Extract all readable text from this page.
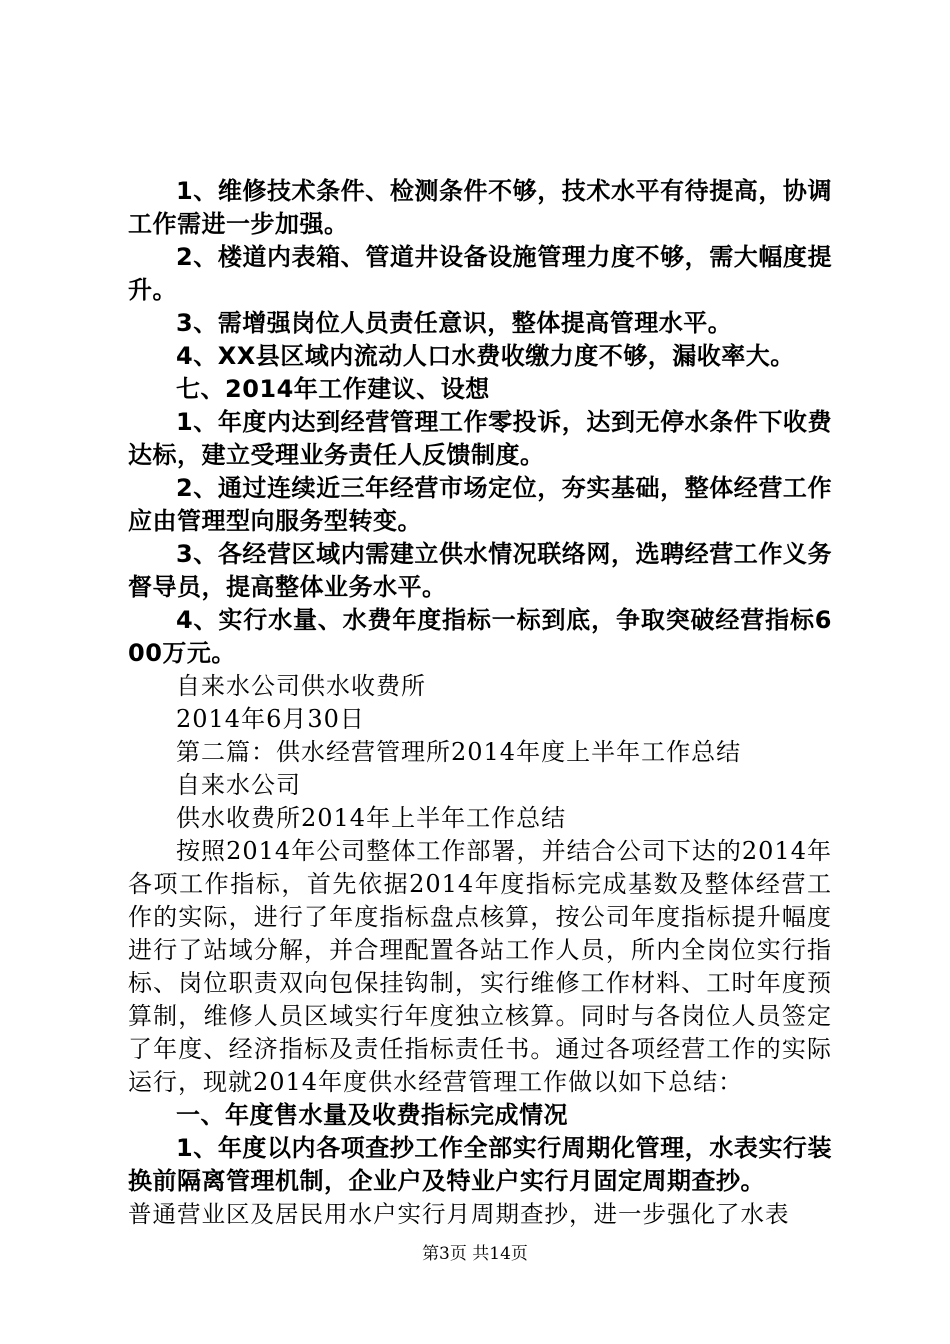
1、维修技术条件、检测条件不够，技术水平有待提高，协调工作需进一步加强。

2、楼道内表箱、管道井设备设施管理力度不够，需大幅度提升。

3、需增强岗位人员责任意识，整体提高管理水平。

4、XX县区域内流动人口水费收缴力度不够，漏收率大。

七、2014年工作建议、设想

1、年度内达到经营管理工作零投诉，达到无停水条件下收费达标，建立受理业务责任人反馈制度。

2、通过连续近三年经营市场定位，夯实基础，整体经营工作应由管理型向服务型转变。

3、各经营区域内需建立供水情况联络网，选聘经营工作义务督导员，提高整体业务水平。

4、实行水量、水费年度指标一标到底，争取突破经营指标600万元。

自来水公司供水收费所

2014年6月30日

第二篇：供水经营管理所2014年度上半年工作总结

自来水公司

供水收费所2014年上半年工作总结

按照2014年公司整体工作部署，并结合公司下达的2014年各项工作指标，首先依据2014年度指标完成基数及整体经营工作的实际，进行了年度指标盘点核算，按公司年度指标提升幅度进行了站域分解，并合理配置各站工作人员，所内全岗位实行指标、岗位职责双向包保挂钩制，实行维修工作材料、工时年度预算制，维修人员区域实行年度独立核算。同时与各岗位人员签定了年度、经济指标及责任指标责任书。通过各项经营工作的实际运行，现就2014年度供水经营管理工作做以如下总结：

一、年度售水量及收费指标完成情况

1、年度以内各项查抄工作全部实行周期化管理，水表实行装换前隔离管理机制，企业户及特业户实行月固定周期查抄。

普通营业区及居民用水户实行月周期查抄，进一步强化了水表

第3页 共14页
